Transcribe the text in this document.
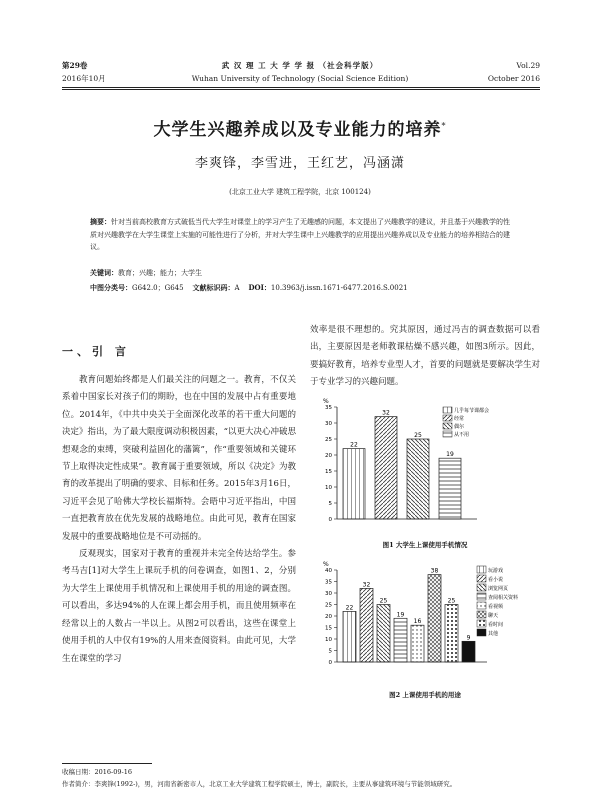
第29卷
2016年10月
武 汉 理 工 大 学 学 报 （社会科学版）
Wuhan University of Technology (Social Science Edition)
Vol.29
October 2016
大学生兴趣养成以及专业能力的培养*
李爽锋，李雪进，王红艺，冯涵潇
(北京工业大学 建筑工程学院，北京 100124)
摘要：针对当前高校教育方式破低当代大学生对课堂上的学习产生了无趣感的问题，本文提出了兴趣教学的建议，并且基于兴趣教学的性质对兴趣教学在大学生课堂上实施的可能性进行了分析，并对大学生课中上兴趣教学的应用提出兴趣养成以及专业能力的培养相结合的建议。
关键词：教育；兴趣；能力；大学生
中图分类号：G642.0；G645 文献标识码：A DOI：10.3963/j.issn.1671-6477.2016.S.0021
一、引 言

教育问题始终都是人们最关注的问题之一。教育，不仅关系着中国家长对孩子们的期盼，也在中国的发展中占有重要地位。2014年，《中共中央关于全面深化改革的若干重大问题的决定》指出，为了最大限度调动积极因素，“以更大决心冲破思想观念的束缚，突破利益固化的藩篱”，作“重要领域和关键环节上取得决定性成果”。教育属于重要领域，所以《决定》为教育的改革提出了明确的要求、目标和任务。2015年3月16日，习近平会见了哈佛大学校长福斯特。会晤中习近平指出，中国一直把教育放在优先发展的战略地位。由此可见，教育在国家发展中的重要战略地位是不可动摇的。

反观现实，国家对于教育的重视并未完全传达给学生。参考马吉[1]对大学生上课玩手机的问卷调查，如图1、2，分别为大学生上课使用手机情况和上课使用手机的用途的调查图。可以看出，多达94%的人在课上都会用手机，而且使用频率在经常以上的人数占一半以上。从图2可以看出，这些在课堂上使用手机的人中仅有19%的人用来查阅资料。由此可见，大学生在课堂的学习

效率是很不理想的。究其原因，通过冯吉的调查数据可以看出，主要原因是老师教课枯燥不感兴趣，如图3所示。因此，要搞好教育，培养专业型人才，首要的问题就是要解决学生对于专业学习的兴趣问题。

%
0
5
10
15
20
25
30
35
22
32
25
19
几乎每节课都会
经常
偶尔
从不用
图1 大学生上课使用手机情况
%
0
5
10
15
20
25
30
35
40
22
32
25
19
16
38
25
9
玩游戏
看小说
浏览网页
查阅相关资料
看视频
聊天
看时间
其他
图2 上课使用手机的用途
收稿日期：2016-09-16
作者简介：李爽锋(1992-)，男，河南省新密市人，北京工业大学建筑工程学院硕士，博士，副院长，主要从事建筑环境与节能领域研究。
